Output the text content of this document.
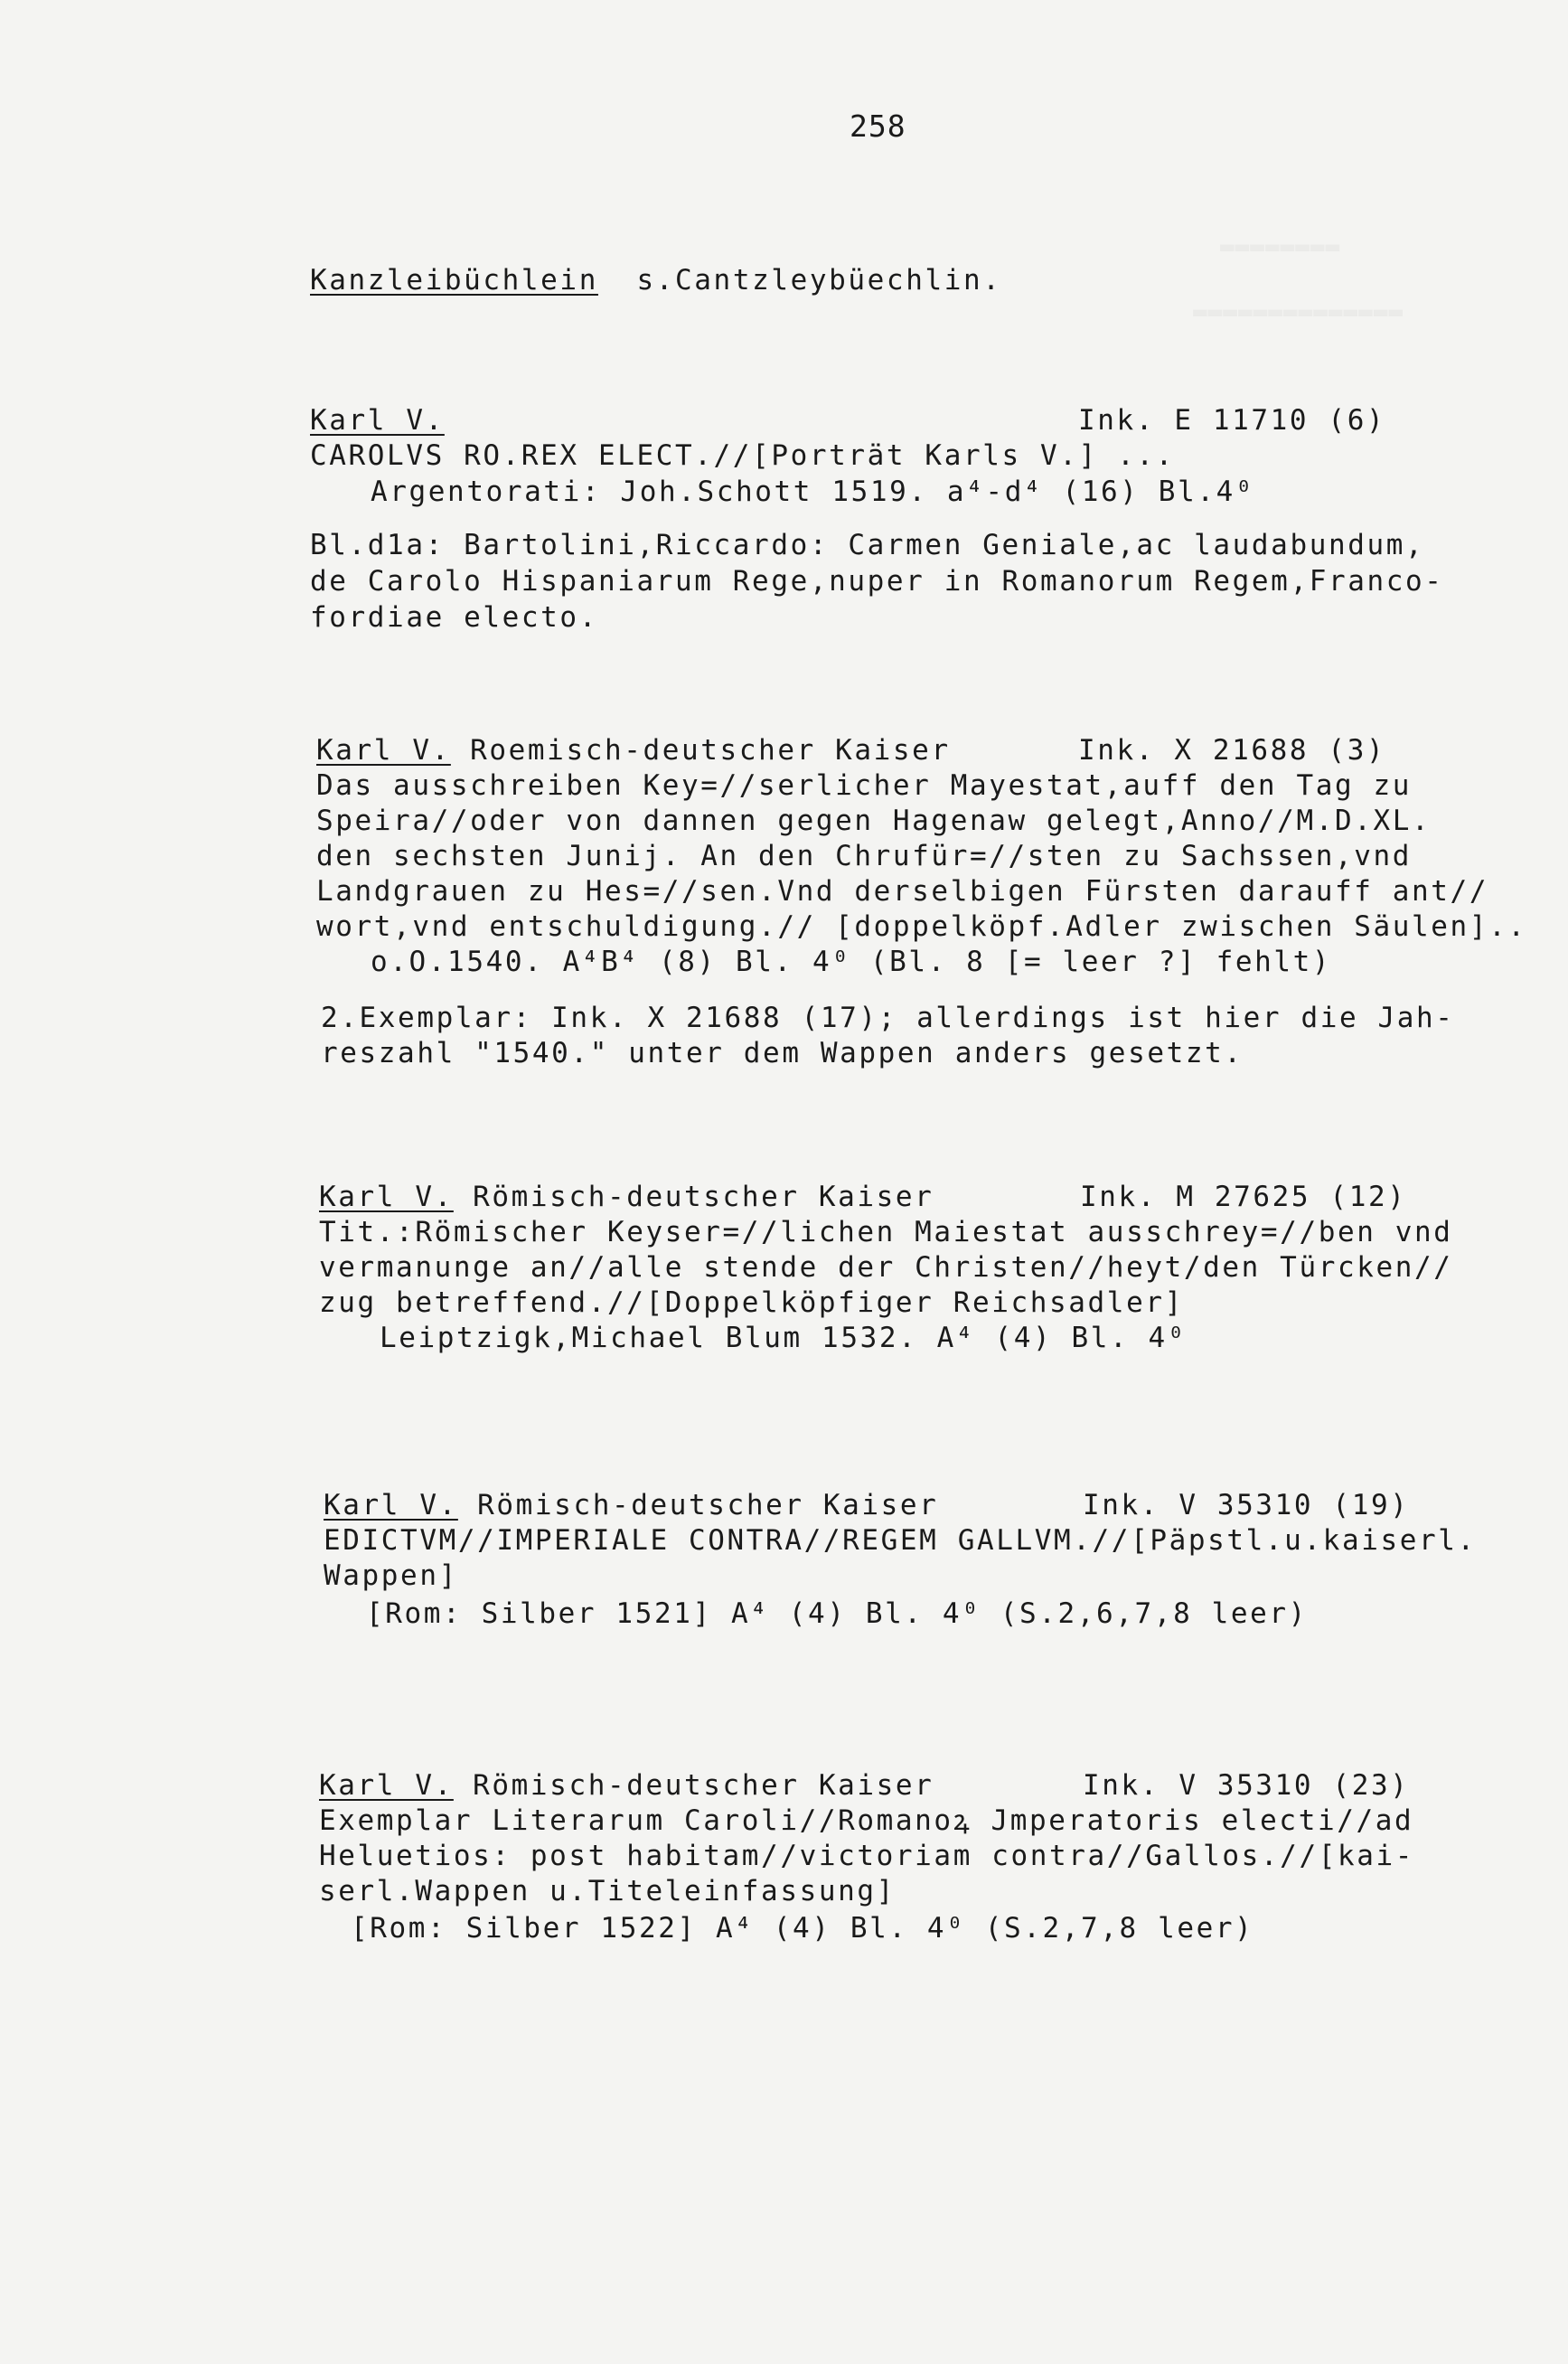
▬▬▬▬▬▬▬▬
▬▬▬▬▬▬▬▬▬▬▬▬▬▬
258
Kanzleibüchlein s.Cantzleybüechlin.
Karl V.	Ink. E 11710 (6)
CAROLVS RO.REX ELECT.//[Porträt Karls V.] ...
Argentorati: Joh.Schott 1519. a⁴-d⁴ (16) Bl.4⁰
Bl.d1a: Bartolini,Riccardo: Carmen Geniale,ac laudabundum,
de Carolo Hispaniarum Rege,nuper in Romanorum Regem,Franco-
fordiae electo.
Karl V. Roemisch-deutscher Kaiser	Ink. X 21688 (3)
Das ausschreiben Key=//serlicher Mayestat,auff den Tag zu
Speira//oder von dannen gegen Hagenaw gelegt,Anno//M.D.XL.
den sechsten Junij. An den Chrufür=//sten zu Sachssen,vnd
Landgrauen zu Hes=//sen.Vnd derselbigen Fürsten darauff ant//
wort,vnd entschuldigung.// [doppelköpf.Adler zwischen Säulen]..
o.O.1540. A⁴B⁴ (8) Bl. 4⁰ (Bl. 8 [= leer ?] fehlt)
2.Exemplar: Ink. X 21688 (17); allerdings ist hier die Jah-
reszahl "1540." unter dem Wappen anders gesetzt.
Karl V. Römisch-deutscher Kaiser	Ink. M 27625 (12)
Tit.:Römischer Keyser=//lichen Maiestat ausschrey=//ben vnd
vermanunge an//alle stende der Christen//heyt/den Türcken//
zug betreffend.//[Doppelköpfiger Reichsadler]
Leiptzigk,Michael Blum 1532. A⁴ (4) Bl. 4⁰
Karl V. Römisch-deutscher Kaiser	Ink. V 35310 (19)
EDICTVM//IMPERIALE CONTRA//REGEM GALLVM.//[Päpstl.u.kaiserl.
Wappen]
[Rom: Silber 1521] A⁴ (4) Bl. 4⁰ (S.2,6,7,8 leer)
Karl V. Römisch-deutscher Kaiser	Ink. V 35310 (23)
Exemplar Literarum Caroli//Romanoꝝ Jmperatoris electi//ad
Heluetios: post habitam//victoriam contra//Gallos.//[kai-
serl.Wappen u.Titeleinfassung]
[Rom: Silber 1522] A⁴ (4) Bl. 4⁰ (S.2,7,8 leer)
